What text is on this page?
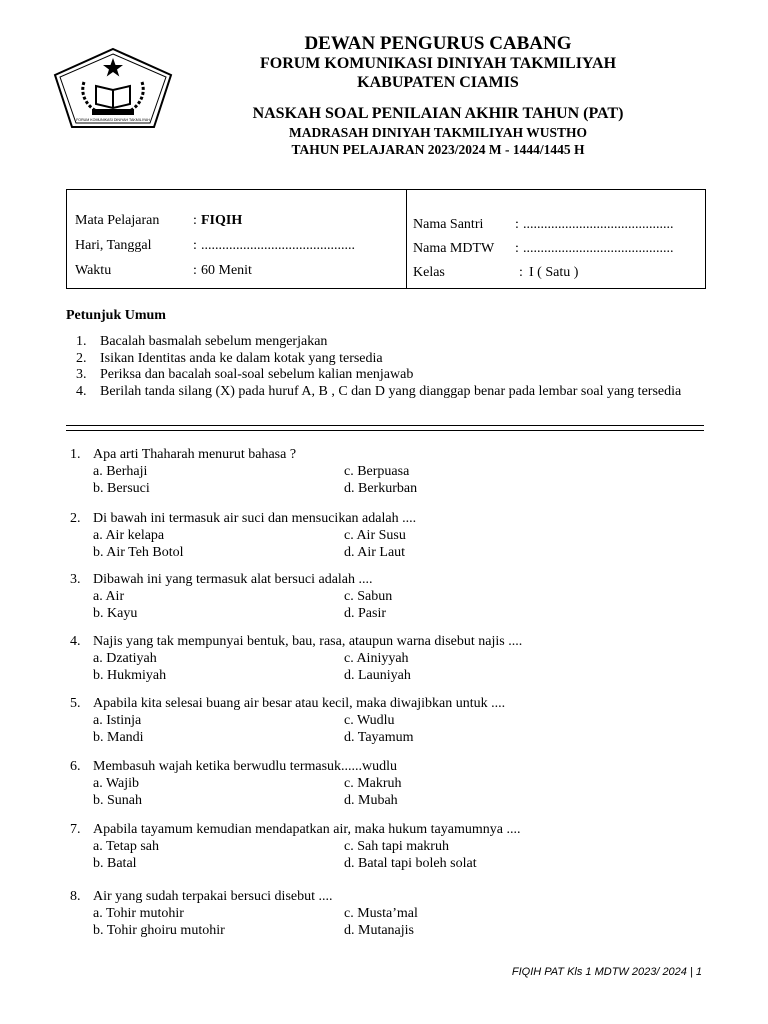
FORUM KOMUNIKASI DINIYAH TAKMILIYAH
DEWAN PENGURUS CABANG
FORUM KOMUNIKASI DINIYAH TAKMILIYAH
KABUPATEN CIAMIS
NASKAH SOAL PENILAIAN AKHIR TAHUN (PAT)
MADRASAH DINIYAH TAKMILIYAH WUSTHO
TAHUN PELAJARAN 2023/2024 M - 1444/1445 H
Mata Pelajaran : FIQIH
Hari, Tanggal	: ............................................
Waktu	: 60 Menit
Nama Santri : ...........................................
Nama MDTW : ...........................................
Kelas	: I ( Satu )
Petunjuk Umum
1. Bacalah basmalah sebelum mengerjakan
2. Isikan Identitas anda ke dalam kotak yang tersedia
3. Periksa dan bacalah soal-soal sebelum kalian menjawab
4. Berilah tanda silang (X) pada huruf A, B , C dan D yang dianggap benar pada lembar soal yang tersedia
1. Apa arti Thaharah menurut bahasa ?
a. Berhaji	c. Berpuasa
b. Bersuci	d. Berkurban
2. Di bawah ini termasuk air suci dan mensucikan adalah ....
a. Air kelapa	c. Air Susu
b. Air Teh Botol	d. Air Laut
3. Dibawah ini yang termasuk alat bersuci adalah ....
a. Air	c. Sabun
b. Kayu	d. Pasir
4. Najis yang tak mempunyai bentuk, bau, rasa, ataupun warna disebut najis ....
a. Dzatiyah	c. Ainiyyah
b. Hukmiyah	d. Launiyah
5. Apabila kita selesai buang air besar atau kecil, maka diwajibkan untuk ....
a. Istinja	c. Wudlu
b. Mandi	d. Tayamum
6. Membasuh wajah ketika berwudlu termasuk......wudlu
a. Wajib	c. Makruh
b. Sunah	d. Mubah
7. Apabila tayamum kemudian mendapatkan air, maka hukum tayamumnya ....
a. Tetap sah	c. Sah tapi makruh
b. Batal	d. Batal tapi boleh solat
8. Air yang sudah terpakai bersuci disebut ....
a. Tohir mutohir	c. Musta’mal
b. Tohir ghoiru mutohir	d. Mutanajis
FIQIH PAT Kls 1 MDTW 2023/ 2024 | 1
